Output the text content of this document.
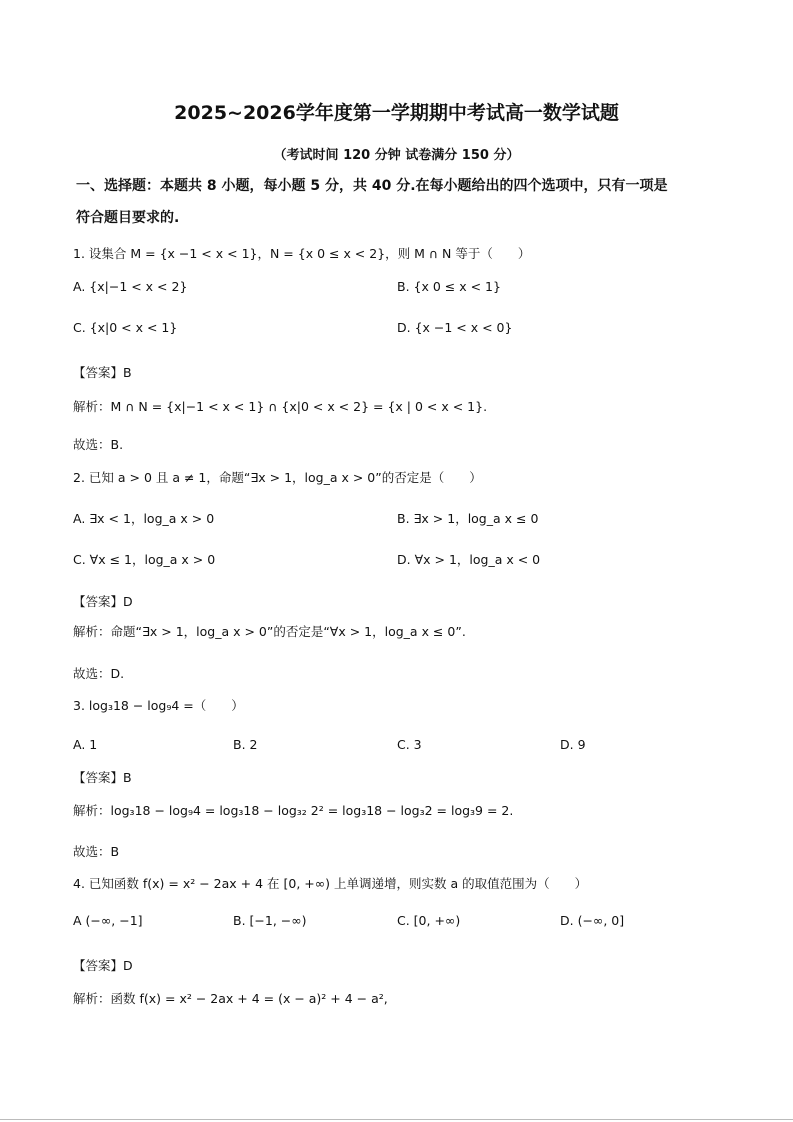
2025~2026学年度第一学期期中考试高一数学试题
（考试时间 120 分钟 试卷满分 150 分）
一、选择题：本题共 8 小题，每小题 5 分，共 40 分.在每小题给出的四个选项中，只有一项是
符合题目要求的.
1. 设集合 M = {x −1 < x < 1}，N = {x 0 ≤ x < 2}，则 M ∩ N 等于（　　）
A. {x|−1 < x < 2}	B. {x 0 ≤ x < 1}
C. {x|0 < x < 1}	D. {x −1 < x < 0}
【答案】B
解析：M ∩ N = {x|−1 < x < 1} ∩ {x|0 < x < 2} = {x | 0 < x < 1}.
故选：B.
2. 已知 a > 0 且 a ≠ 1，命题“∃x > 1，log_a x > 0”的否定是（　　）
A. ∃x < 1，log_a x > 0	B. ∃x > 1，log_a x ≤ 0
C. ∀x ≤ 1，log_a x > 0	D. ∀x > 1，log_a x < 0
【答案】D
解析：命题“∃x > 1，log_a x > 0”的否定是“∀x > 1，log_a x ≤ 0”.
故选：D.
3. log₃18 − log₉4 =（　　）
A. 1	B. 2	C. 3	D. 9
【答案】B
解析：log₃18 − log₉4 = log₃18 − log₃₂ 2² = log₃18 − log₃2 = log₃9 = 2.
故选：B
4. 已知函数 f(x) = x² − 2ax + 4 在 [0, +∞) 上单调递增，则实数 a 的取值范围为（　　）
A (−∞, −1]	B. [−1, −∞)	C. [0, +∞)	D. (−∞, 0]
【答案】D
解析：函数 f(x) = x² − 2ax + 4 = (x − a)² + 4 − a²,
